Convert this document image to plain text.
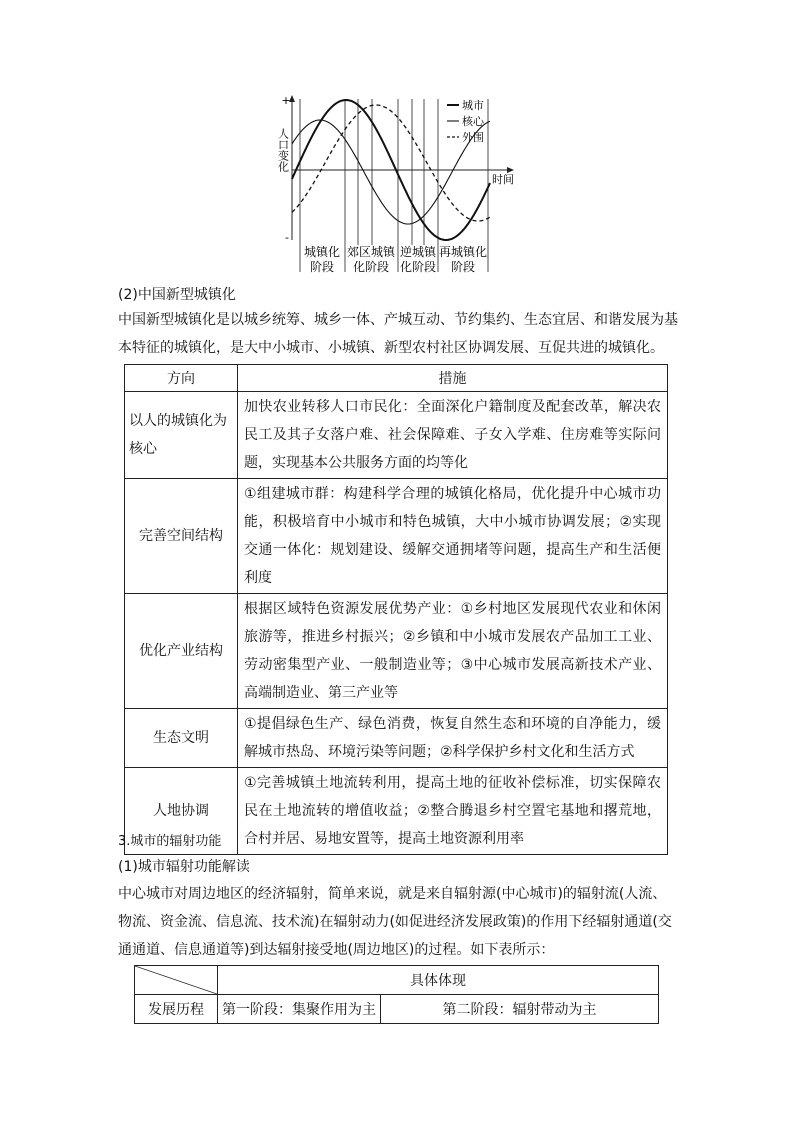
+
-
人口变化
时间
城市
核心
外围
城镇化
阶段
郊区城镇
化阶段
逆城镇
化阶段
再城镇化
阶段
(2)中国新型城镇化
中国新型城镇化是以城乡统筹、城乡一体、产城互动、节约集约、生态宜居、和谐发展为基本特征的城镇化，是大中小城市、小城镇、新型农村社区协调发展、互促共进的城镇化。
方向	措施
以人的城镇化为核心	加快农业转移人口市民化：全面深化户籍制度及配套改革，解决农民工及其子女落户难、社会保障难、子女入学难、住房难等实际问题，实现基本公共服务方面的均等化
完善空间结构	①组建城市群：构建科学合理的城镇化格局，优化提升中心城市功能，积极培育中小城市和特色城镇，大中小城市协调发展；②实现交通一体化：规划建设、缓解交通拥堵等问题，提高生产和生活便利度
优化产业结构	根据区域特色资源发展优势产业：①乡村地区发展现代农业和休闲旅游等，推进乡村振兴；②乡镇和中小城市发展农产品加工工业、劳动密集型产业、一般制造业等；③中心城市发展高新技术产业、高端制造业、第三产业等
生态文明	①提倡绿色生产、绿色消费，恢复自然生态和环境的自净能力，缓解城市热岛、环境污染等问题；②科学保护乡村文化和生活方式
人地协调	①完善城镇土地流转利用，提高土地的征收补偿标准，切实保障农民在土地流转的增值收益；②整合腾退乡村空置宅基地和撂荒地，合村并居、易地安置等，提高土地资源利用率
3.城市的辐射功能
(1)城市辐射功能解读
中心城市对周边地区的经济辐射，简单来说，就是来自辐射源(中心城市)的辐射流(人流、物流、资金流、信息流、技术流)在辐射动力(如促进经济发展政策)的作用下经辐射通道(交通通道、信息通道等)到达辐射接受地(周边地区)的过程。如下表所示：
	具体体现	
发展历程	第一阶段：集聚作用为主	第二阶段：辐射带动为主
